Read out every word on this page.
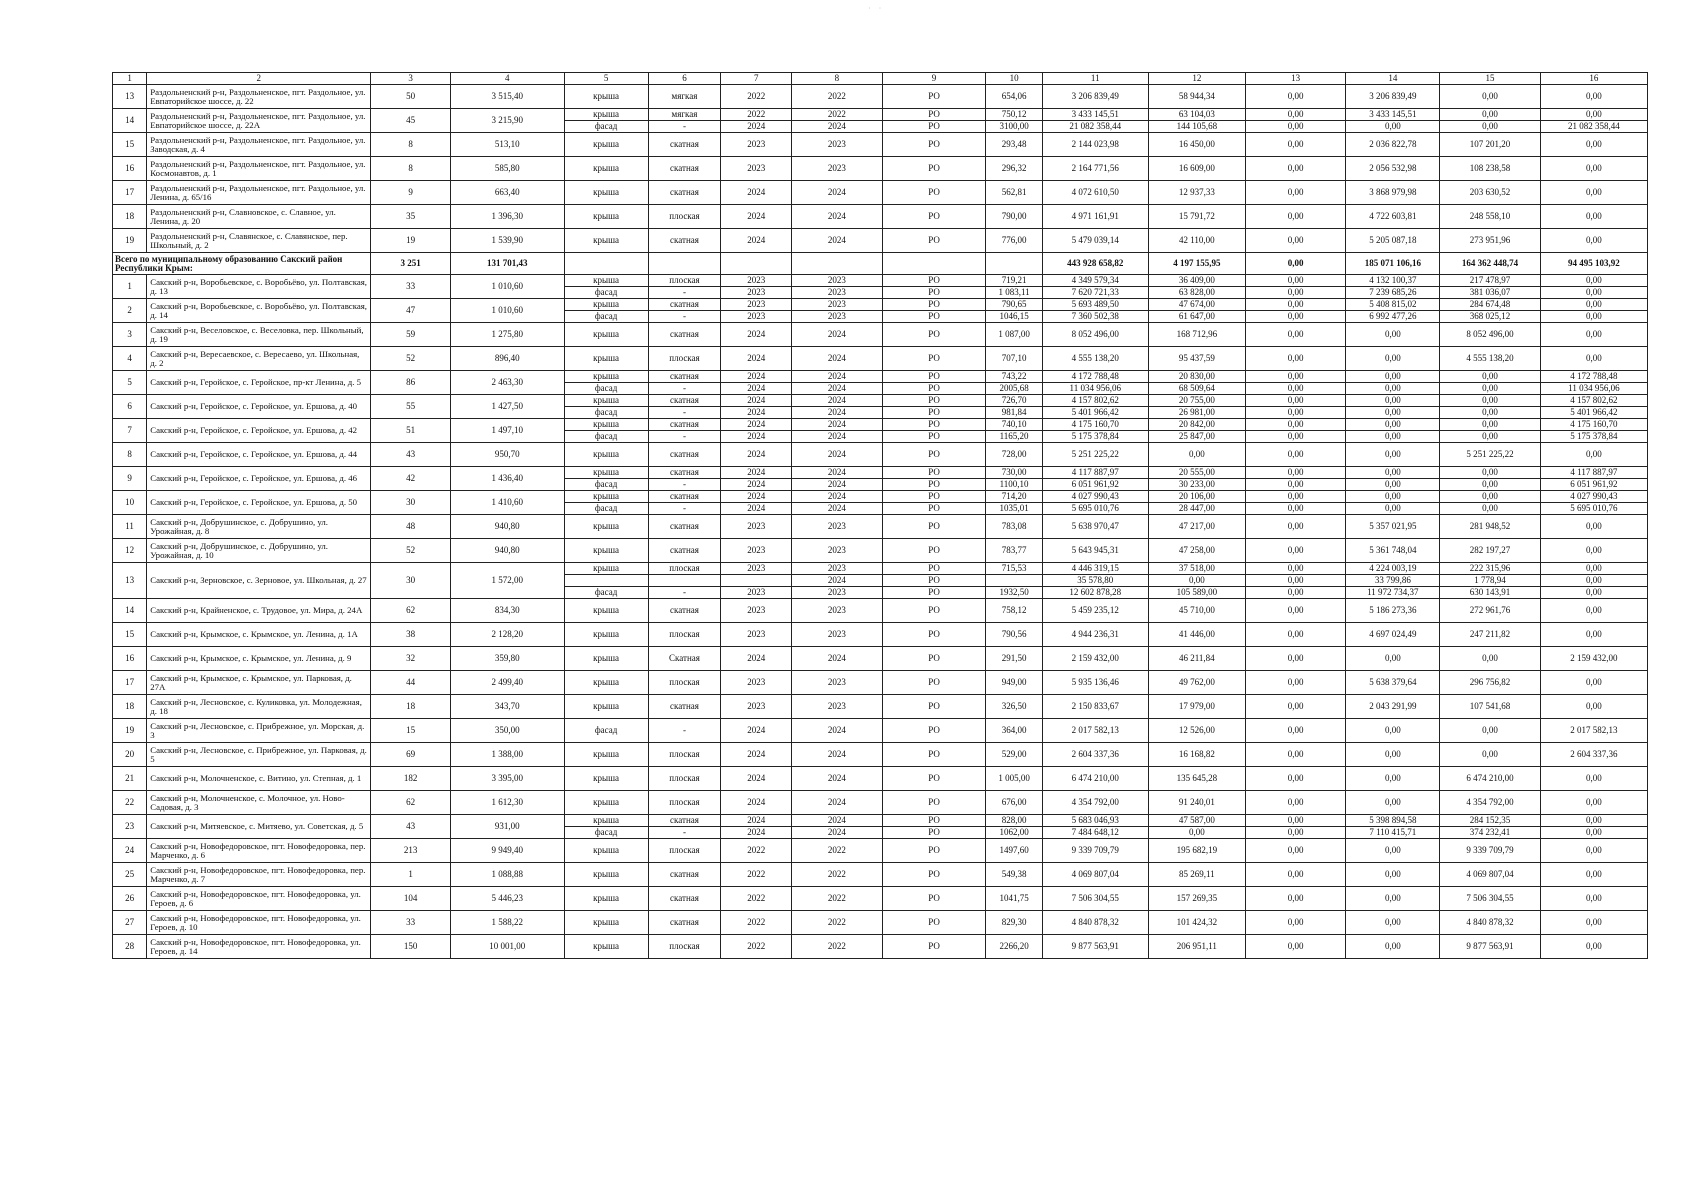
· ·
1	2	3	4	5	6	7	8	9	10	11	12	13	14	15	16
13	Раздольненский р-н, Раздольненское, пгт. Раздольное, ул. Евпаторийское шоссе, д. 22	50	3 515,40	крыша	мягкая	2022	2022	РО	654,06	3 206 839,49	58 944,34	0,00	3 206 839,49	0,00	0,00
14	Раздольненский р-н, Раздольненское, пгт. Раздольное, ул. Евпаторийское шоссе, д. 22А	45	3 215,90	крыша	мягкая	2022	2022	РО	750,12	3 433 145,51	63 104,03	0,00	3 433 145,51	0,00	0,00
				фасад	-	2024	2024	РО	3100,00	21 082 358,44	144 105,68	0,00	0,00	0,00	21 082 358,44
15	Раздольненский р-н, Раздольненское, пгт. Раздольное, ул. Заводская, д. 4	8	513,10	крыша	скатная	2023	2023	РО	293,48	2 144 023,98	16 450,00	0,00	2 036 822,78	107 201,20	0,00
16	Раздольненский р-н, Раздольненское, пгт. Раздольное, ул. Космонавтов, д. 1	8	585,80	крыша	скатная	2023	2023	РО	296,32	2 164 771,56	16 609,00	0,00	2 056 532,98	108 238,58	0,00
17	Раздольненский р-н, Раздольненское, пгт. Раздольное, ул. Ленина, д. 65/16	9	663,40	крыша	скатная	2024	2024	РО	562,81	4 072 610,50	12 937,33	0,00	3 868 979,98	203 630,52	0,00
18	Раздольненский р-н, Славновское, с. Славное, ул. Ленина, д. 20	35	1 396,30	крыша	плоская	2024	2024	РО	790,00	4 971 161,91	15 791,72	0,00	4 722 603,81	248 558,10	0,00
19	Раздольненский р-н, Славянское, с. Славянское, пер. Школьный, д. 2	19	1 539,90	крыша	скатная	2024	2024	РО	776,00	5 479 039,14	42 110,00	0,00	5 205 087,18	273 951,96	0,00
Всего по муниципальному образованию Сакский район Республики Крым:		3 251	131 701,43							443 928 658,82	4 197 155,95	0,00	185 071 106,16	164 362 448,74	94 495 103,92
1	Сакский р-н, Воробьевское, с. Воробьёво, ул. Полтавская, д. 13	33	1 010,60	крыша	плоская	2023	2023	РО	719,21	4 349 579,34	36 409,00	0,00	4 132 100,37	217 478,97	0,00
				фасад	-	2023	2023	РО	1 083,11	7 620 721,33	63 828,00	0,00	7 239 685,26	381 036,07	0,00
2	Сакский р-н, Воробьевское, с. Воробьёво, ул. Полтавская, д. 14	47	1 010,60	крыша	скатная	2023	2023	РО	790,65	5 693 489,50	47 674,00	0,00	5 408 815,02	284 674,48	0,00
				фасад	-	2023	2023	РО	1046,15	7 360 502,38	61 647,00	0,00	6 992 477,26	368 025,12	0,00
3	Сакский р-н, Веселовское, с. Веселовка, пер. Школьный, д. 19	59	1 275,80	крыша	скатная	2024	2024	РО	1 087,00	8 052 496,00	168 712,96	0,00	0,00	8 052 496,00	0,00
4	Сакский р-н, Вересаевское, с. Вересаево, ул. Школьная, д. 2	52	896,40	крыша	плоская	2024	2024	РО	707,10	4 555 138,20	95 437,59	0,00	0,00	4 555 138,20	0,00
5	Сакский р-н, Геройское, с. Геройское, пр-кт Ленина, д. 5	86	2 463,30	крыша	скатная	2024	2024	РО	743,22	4 172 788,48	20 830,00	0,00	0,00	0,00	4 172 788,48
				фасад	-	2024	2024	РО	2005,68	11 034 956,06	68 509,64	0,00	0,00	0,00	11 034 956,06
6	Сакский р-н, Геройское, с. Геройское, ул. Ершова, д. 40	55	1 427,50	крыша	скатная	2024	2024	РО	726,70	4 157 802,62	20 755,00	0,00	0,00	0,00	4 157 802,62
				фасад	-	2024	2024	РО	981,84	5 401 966,42	26 981,00	0,00	0,00	0,00	5 401 966,42
7	Сакский р-н, Геройское, с. Геройское, ул. Ершова, д. 42	51	1 497,10	крыша	скатная	2024	2024	РО	740,10	4 175 160,70	20 842,00	0,00	0,00	0,00	4 175 160,70
				фасад	-	2024	2024	РО	1165,20	5 175 378,84	25 847,00	0,00	0,00	0,00	5 175 378,84
8	Сакский р-н, Геройское, с. Геройское, ул. Ершова, д. 44	43	950,70	крыша	скатная	2024	2024	РО	728,00	5 251 225,22	0,00	0,00	0,00	5 251 225,22	0,00
9	Сакский р-н, Геройское, с. Геройское, ул. Ершова, д. 46	42	1 436,40	крыша	скатная	2024	2024	РО	730,00	4 117 887,97	20 555,00	0,00	0,00	0,00	4 117 887,97
				фасад	-	2024	2024	РО	1100,10	6 051 961,92	30 233,00	0,00	0,00	0,00	6 051 961,92
10	Сакский р-н, Геройское, с. Геройское, ул. Ершова, д. 50	30	1 410,60	крыша	скатная	2024	2024	РО	714,20	4 027 990,43	20 106,00	0,00	0,00	0,00	4 027 990,43
				фасад	-	2024	2024	РО	1035,01	5 695 010,76	28 447,00	0,00	0,00	0,00	5 695 010,76
11	Сакский р-н, Добрушинское, с. Добрушино, ул. Урожайная, д. 8	48	940,80	крыша	скатная	2023	2023	РО	783,08	5 638 970,47	47 217,00	0,00	5 357 021,95	281 948,52	0,00
12	Сакский р-н, Добрушинское, с. Добрушино, ул. Урожайная, д. 10	52	940,80	крыша	скатная	2023	2023	РО	783,77	5 643 945,31	47 258,00	0,00	5 361 748,04	282 197,27	0,00
13	Сакский р-н, Зерновское, с. Зерновое, ул. Школьная, д. 27	30	1 572,00	крыша	плоская	2023	2023	РО	715,53	4 446 319,15	37 518,00	0,00	4 224 003,19	222 315,96	0,00
							2024	РО		35 578,80	0,00	0,00	33 799,86	1 778,94	0,00
				фасад	-	2023	2023	РО	1932,50	12 602 878,28	105 589,00	0,00	11 972 734,37	630 143,91	0,00
14	Сакский р-н, Крайненское, с. Трудовое, ул. Мира, д. 24А	62	834,30	крыша	скатная	2023	2023	РО	758,12	5 459 235,12	45 710,00	0,00	5 186 273,36	272 961,76	0,00
15	Сакский р-н, Крымское, с. Крымское, ул. Ленина, д. 1А	38	2 128,20	крыша	плоская	2023	2023	РО	790,56	4 944 236,31	41 446,00	0,00	4 697 024,49	247 211,82	0,00
16	Сакский р-н, Крымское, с. Крымское, ул. Ленина, д. 9	32	359,80	крыша	Скатная	2024	2024	РО	291,50	2 159 432,00	46 211,84	0,00	0,00	0,00	2 159 432,00
17	Сакский р-н, Крымское, с. Крымское, ул. Парковая, д. 27А	44	2 499,40	крыша	плоская	2023	2023	РО	949,00	5 935 136,46	49 762,00	0,00	5 638 379,64	296 756,82	0,00
18	Сакский р-н, Лесновское, с. Куликовка, ул. Молодежная, д. 18	18	343,70	крыша	скатная	2023	2023	РО	326,50	2 150 833,67	17 979,00	0,00	2 043 291,99	107 541,68	0,00
19	Сакский р-н, Лесновское, с. Прибрежное, ул. Морская, д. 3	15	350,00	фасад	-	2024	2024	РО	364,00	2 017 582,13	12 526,00	0,00	0,00	0,00	2 017 582,13
20	Сакский р-н, Лесновское, с. Прибрежное, ул. Парковая, д. 5	69	1 388,00	крыша	плоская	2024	2024	РО	529,00	2 604 337,36	16 168,82	0,00	0,00	0,00	2 604 337,36
21	Сакский р-н, Молочненское, с. Витино, ул. Степная, д. 1	182	3 395,00	крыша	плоская	2024	2024	РО	1 005,00	6 474 210,00	135 645,28	0,00	0,00	6 474 210,00	0,00
22	Сакский р-н, Молочненское, с. Молочное, ул. Ново-Садовая, д. 3	62	1 612,30	крыша	плоская	2024	2024	РО	676,00	4 354 792,00	91 240,01	0,00	0,00	4 354 792,00	0,00
23	Сакский р-н, Митяевское, с. Митяево, ул. Советская, д. 5	43	931,00	крыша	скатная	2024	2024	РО	828,00	5 683 046,93	47 587,00	0,00	5 398 894,58	284 152,35	0,00
				фасад	-	2024	2024	РО	1062,00	7 484 648,12	0,00	0,00	7 110 415,71	374 232,41	0,00
24	Сакский р-н, Новофедоровское, пгт. Новофедоровка, пер. Марченко, д. 6	213	9 949,40	крыша	плоская	2022	2022	РО	1497,60	9 339 709,79	195 682,19	0,00	0,00	9 339 709,79	0,00
25	Сакский р-н, Новофедоровское, пгт. Новофедоровка, пер. Марченко, д. 7	1	1 088,88	крыша	скатная	2022	2022	РО	549,38	4 069 807,04	85 269,11	0,00	0,00	4 069 807,04	0,00
26	Сакский р-н, Новофедоровское, пгт. Новофедоровка, ул. Героев, д. 6	104	5 446,23	крыша	скатная	2022	2022	РО	1041,75	7 506 304,55	157 269,35	0,00	0,00	7 506 304,55	0,00
27	Сакский р-н, Новофедоровское, пгт. Новофедоровка, ул. Героев, д. 10	33	1 588,22	крыша	скатная	2022	2022	РО	829,30	4 840 878,32	101 424,32	0,00	0,00	4 840 878,32	0,00
28	Сакский р-н, Новофедоровское, пгт. Новофедоровка, ул. Героев, д. 14	150	10 001,00	крыша	плоская	2022	2022	РО	2266,20	9 877 563,91	206 951,11	0,00	0,00	9 877 563,91	0,00
